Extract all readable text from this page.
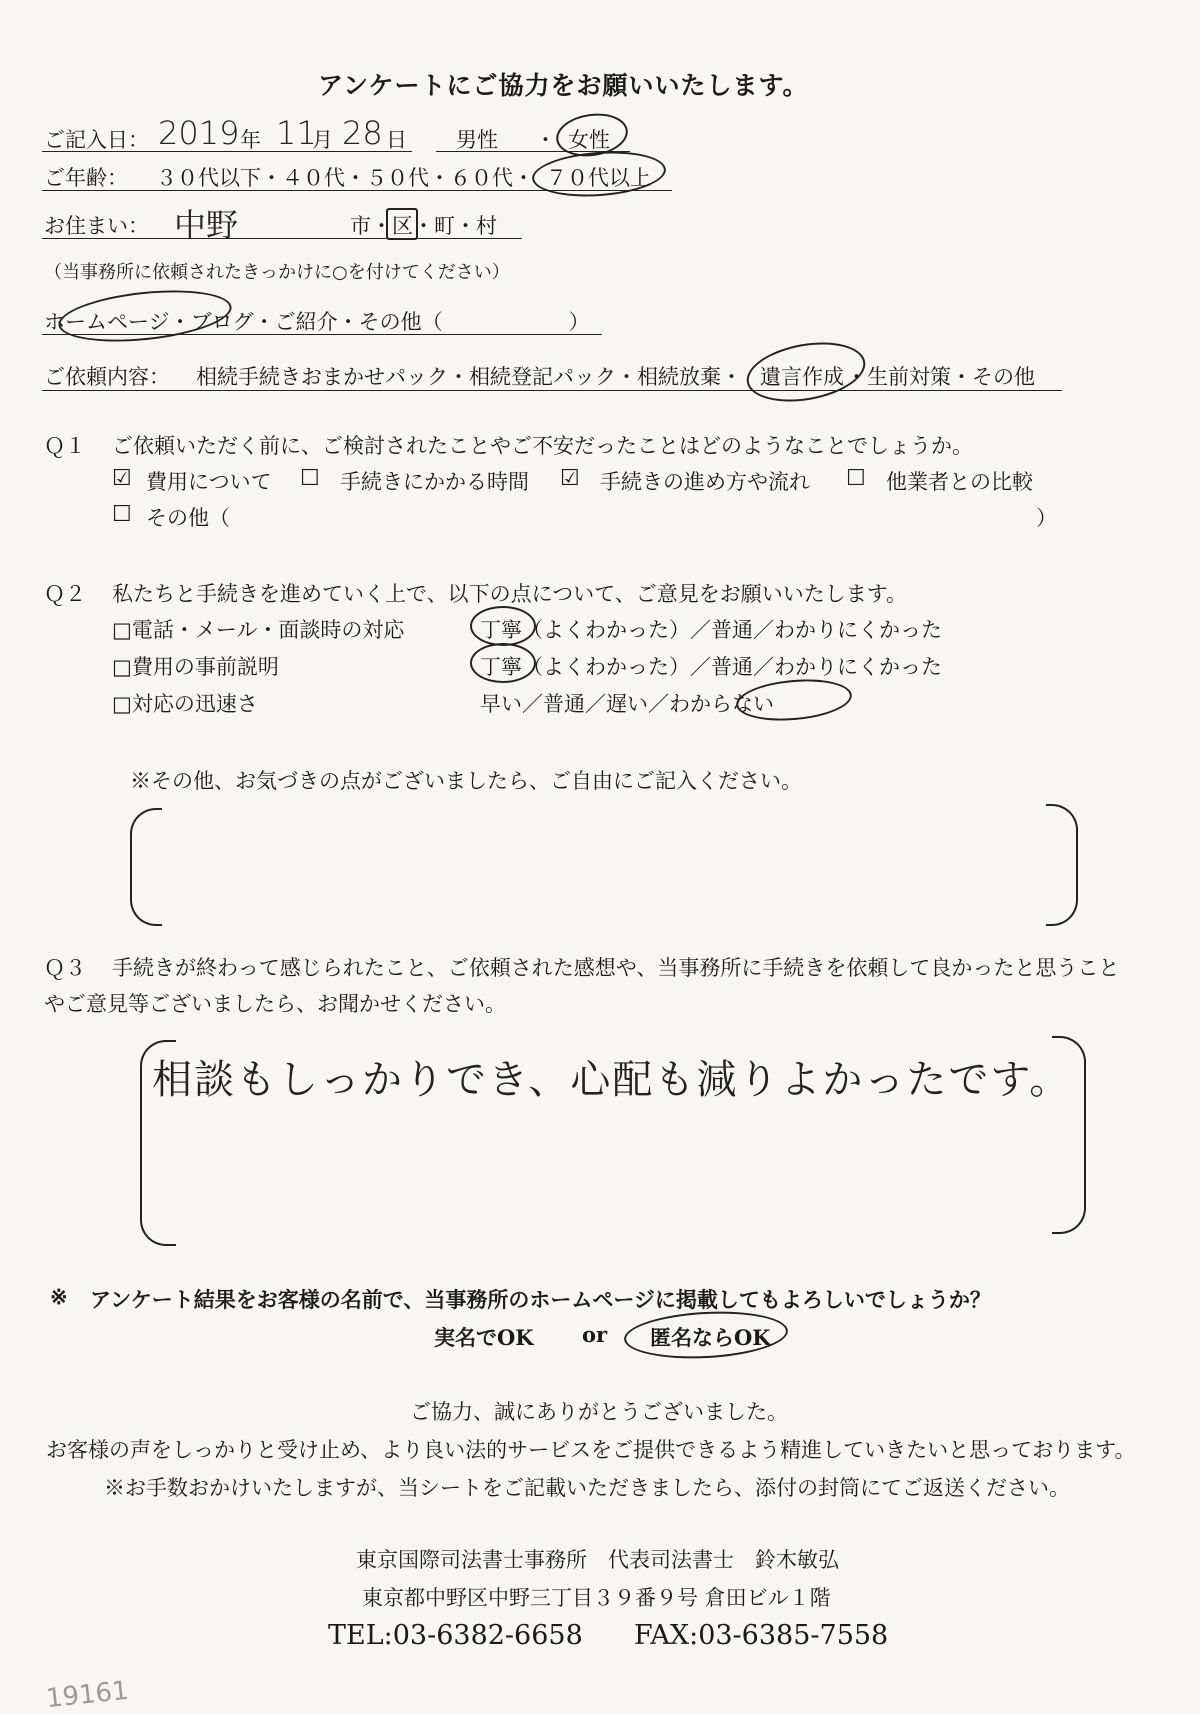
アンケートにご協力をお願いいたします。
ご記入日： 2019 年 11
月 28 日 男性 ・ 女性
ご年齢： ３０代以下・４０代・５０代・６０代・ ７０代以上
お住まい： 中野	市・区・町・村
（当事務所に依頼されたきっかけに○を付けてください）
ホームページ・ブログ・ご紹介・その他（　　　　　　）
ご依頼内容： 相続手続きおまかせパック・相続登記パック・相続放棄・ 遺言作成 ・生前対策・その他
Ｑ１ ご依頼いただく前に、ご検討されたことやご不安だったことはどのようなことでしょうか。
☑ 費用について ☐ 手続きにかかる時間 ☑ 手続きの進め方や流れ ☐ 他業者との比較
☐ その他（	）
Ｑ２ 私たちと手続きを進めていく上で、以下の点について、ご意見をお願いいたします。
□電話・メール・面談時の対応	丁寧（よくわかった）／普通／わかりにくかった
□費用の事前説明	丁寧（よくわかった）／普通／わかりにくかった
□対応の迅速さ	早い／普通／遅い／わからない
※その他、お気づきの点がございましたら、ご自由にご記入ください。
Ｑ３ 手続きが終わって感じられたこと、ご依頼された感想や、当事務所に手続きを依頼して良かったと思うこと
やご意見等ございましたら、お聞かせください。
相談もしっかりでき、心配も減りよかったです。
※ アンケート結果をお客様の名前で、当事務所のホームページに掲載してもよろしいでしょうか？
実名でOK or 匿名ならOK
ご協力、誠にありがとうございました。
お客様の声をしっかりと受け止め、より良い法的サービスをご提供できるよう精進していきたいと思っております。
※お手数おかけいたしますが、当シートをご記載いただきましたら、添付の封筒にてご返送ください。
東京国際司法書士事務所　代表司法書士　鈴木敏弘
東京都中野区中野三丁目３９番９号 倉田ビル１階
TEL:03-6382-6658 FAX:03-6385-7558
19161
